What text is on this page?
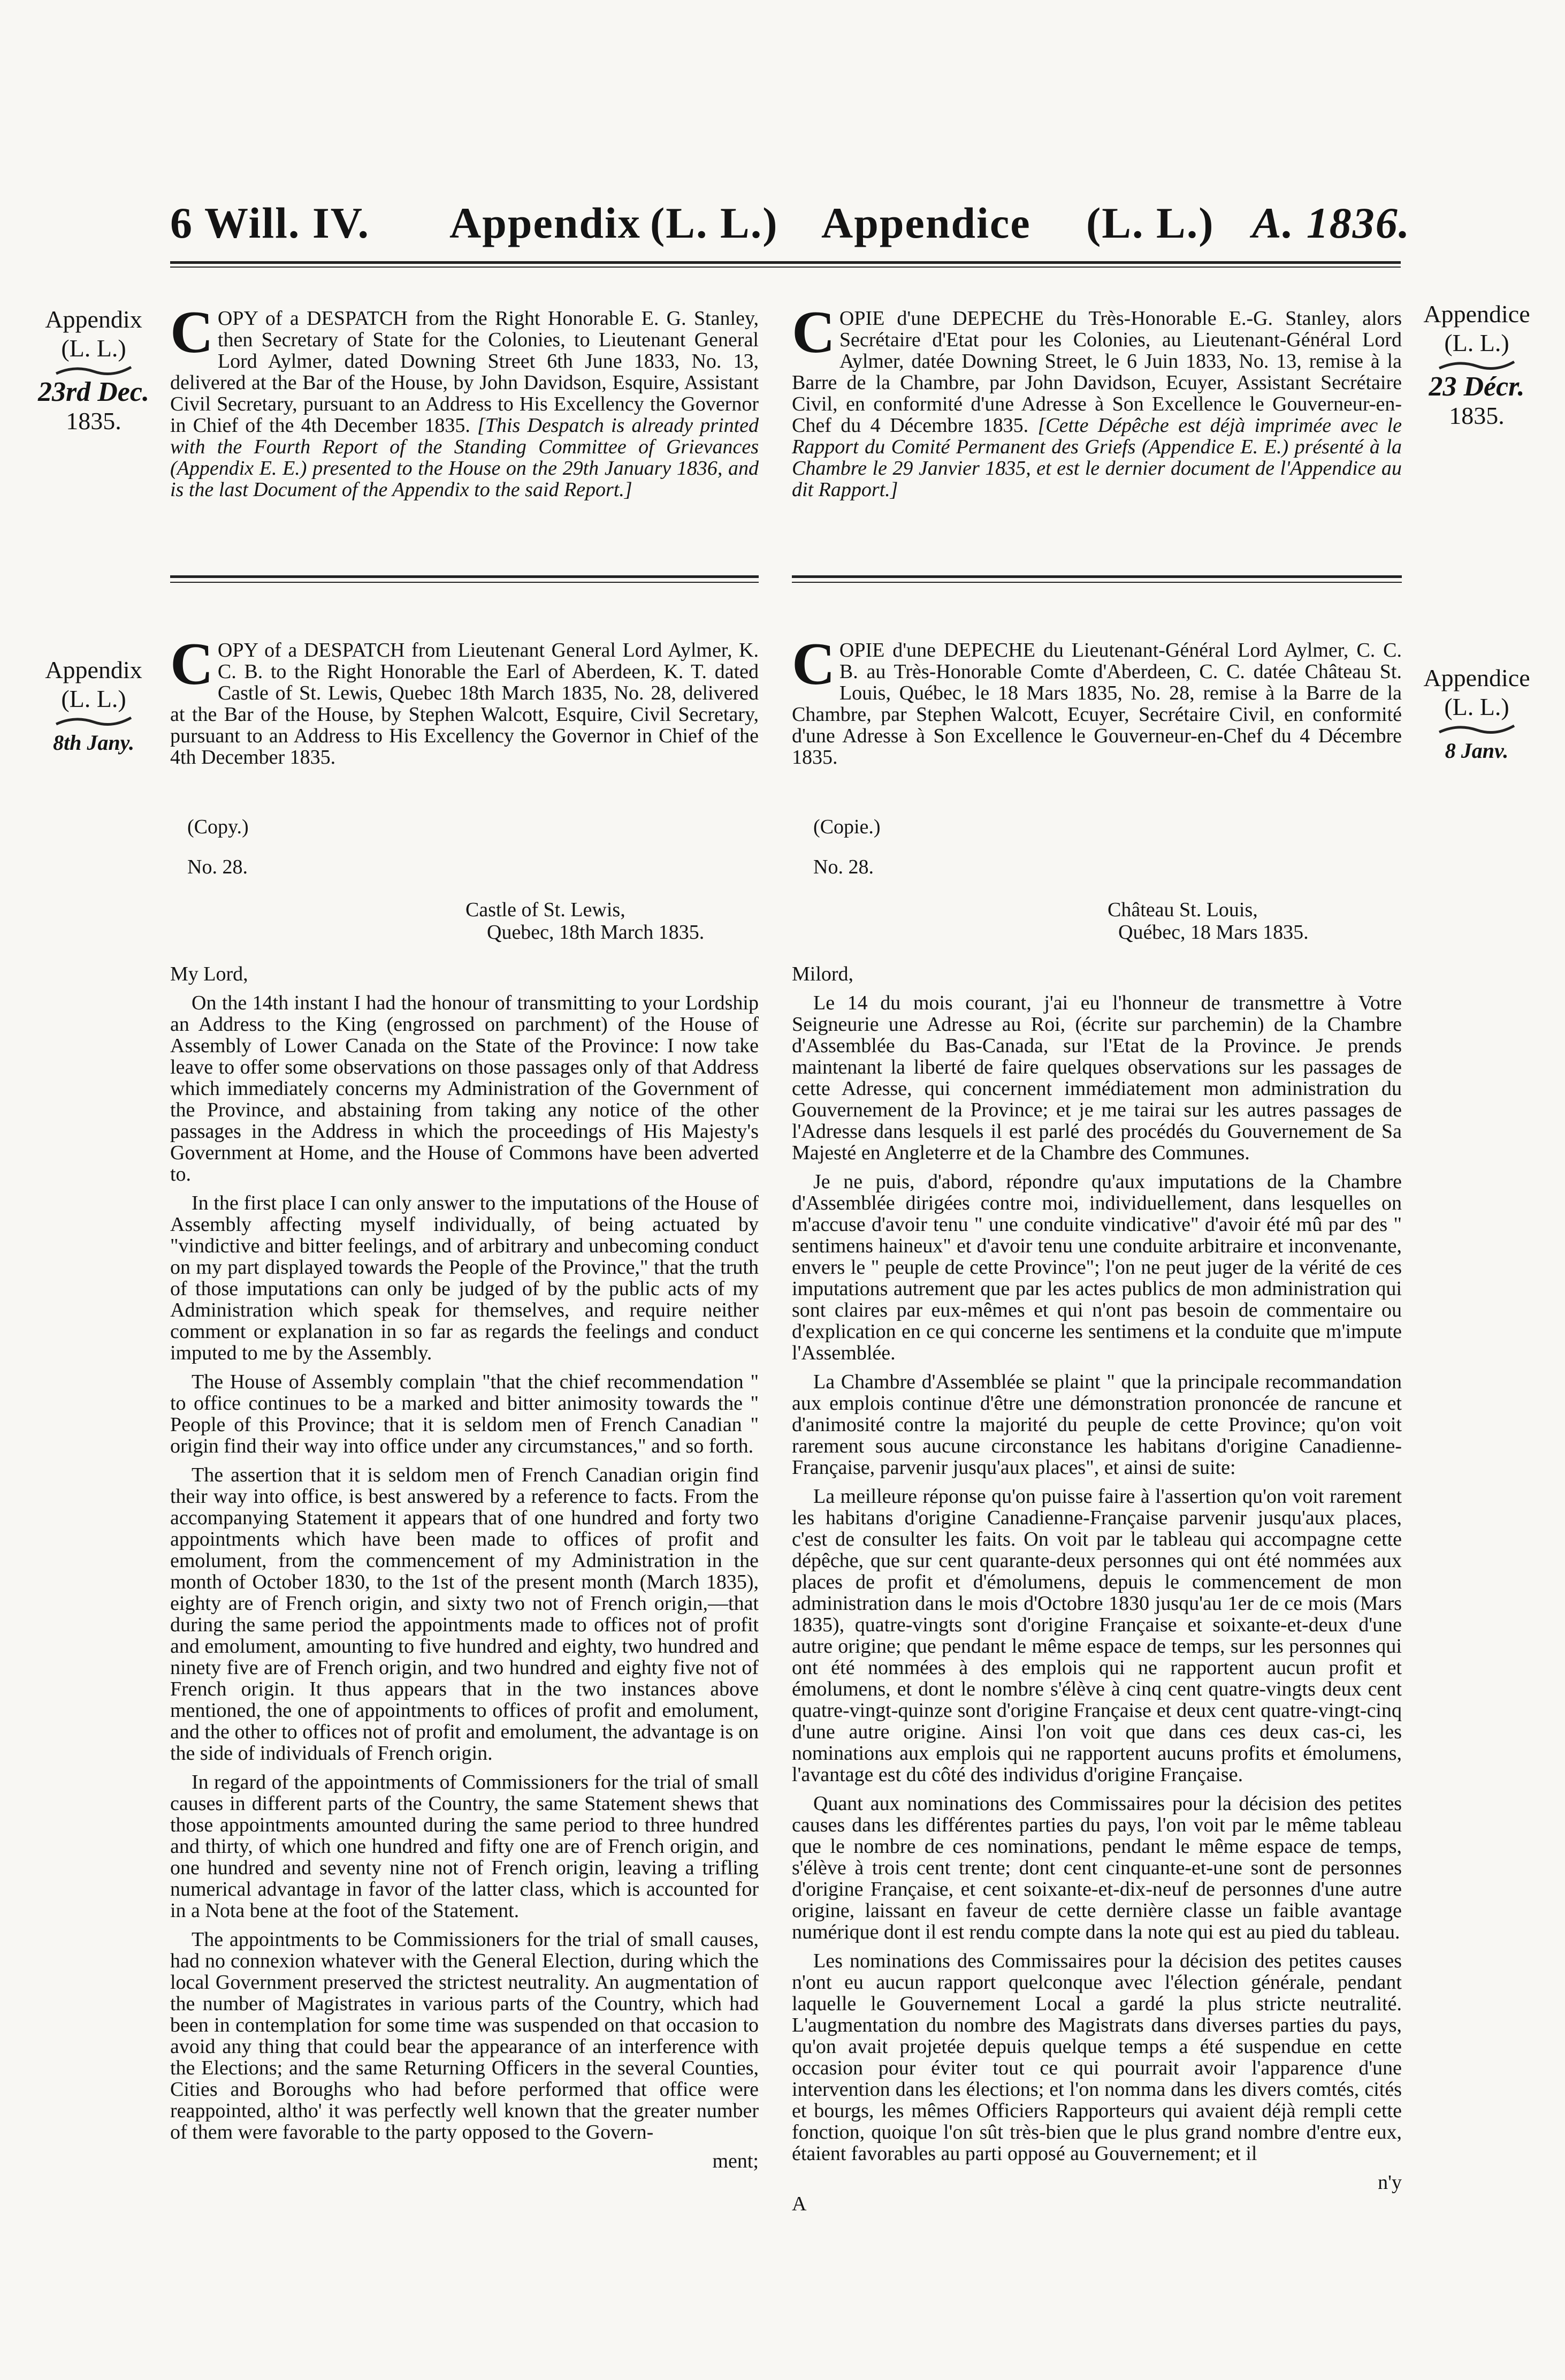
6 Will. IV. Appendix (L. L.) Appendice (L. L.) A. 1836.
Appendix
(L. L.)
23rd Dec.
1835.
Appendice
(L. L.)
23 Décr.
1835.
C OPY of a DESPATCH from the Right Honorable E. G. Stanley, then Secretary of State for the Colonies, to Lieutenant General Lord Aylmer, dated Downing Street 6th June 1833, No. 13, delivered at the Bar of the House, by John Davidson, Esquire, Assistant Civil Secretary, pursuant to an Address to His Excellency the Governor in Chief of the 4th December 1835. [This Despatch is already printed with the Fourth Report of the Standing Committee of Grievances (Appendix E. E.) presented to the House on the 29th January 1836, and is the last Document of the Appendix to the said Report.]
C OPIE d'une DEPECHE du Très-Honorable E.-G. Stanley, alors Secrétaire d'Etat pour les Colonies, au Lieutenant-Général Lord Aylmer, datée Downing Street, le 6 Juin 1833, No. 13, remise à la Barre de la Chambre, par John Davidson, Ecuyer, Assistant Secrétaire Civil, en conformité d'une Adresse à Son Excellence le Gouverneur-en-Chef du 4 Décembre 1835. [Cette Dépêche est déjà imprimée avec le Rapport du Comité Permanent des Griefs (Appendice E. E.) présenté à la Chambre le 29 Janvier 1835, et est le dernier document de l'Appendice au dit Rapport.]
Appendix
(L. L.)
8th Jany.
Appendice
(L. L.)
8 Janv.
C OPY of a DESPATCH from Lieutenant General Lord Aylmer, K. C. B. to the Right Honorable the Earl of Aberdeen, K. T. dated Castle of St. Lewis, Quebec 18th March 1835, No. 28, delivered at the Bar of the House, by Stephen Walcott, Esquire, Civil Secretary, pursuant to an Address to His Excellency the Governor in Chief of the 4th December 1835.
C OPIE d'une DEPECHE du Lieutenant-Général Lord Aylmer, C. C. B. au Très-Honorable Comte d'Aberdeen, C. C. datée Château St. Louis, Québec, le 18 Mars 1835, No. 28, remise à la Barre de la Chambre, par Stephen Walcott, Ecuyer, Secrétaire Civil, en conformité d'une Adresse à Son Excellence le Gouverneur-en-Chef du 4 Décembre 1835.
(Copy.)
No. 28.
(Copie.)
No. 28.
Castle of St. Lewis,
Quebec, 18th March 1835.
Château St. Louis,
Québec, 18 Mars 1835.

My Lord,

On the 14th instant I had the honour of transmitting to your Lordship an Address to the King (engrossed on parchment) of the House of Assembly of Lower Canada on the State of the Province: I now take leave to offer some observations on those passages only of that Address which immediately concerns my Administration of the Government of the Province, and abstaining from taking any notice of the other passages in the Address in which the proceedings of His Majesty's Government at Home, and the House of Commons have been adverted to.

In the first place I can only answer to the imputations of the House of Assembly affecting myself individually, of being actuated by "vindictive and bitter feelings, and of arbitrary and unbecoming conduct on my part displayed towards the People of the Province," that the truth of those imputations can only be judged of by the public acts of my Administration which speak for themselves, and require neither comment or explanation in so far as regards the feelings and conduct imputed to me by the Assembly.

The House of Assembly complain "that the chief recommendation " to office continues to be a marked and bitter animosity towards the " People of this Province; that it is seldom men of French Canadian " origin find their way into office under any circumstances," and so forth.

The assertion that it is seldom men of French Canadian origin find their way into office, is best answered by a reference to facts. From the accompanying Statement it appears that of one hundred and forty two appointments which have been made to offices of profit and emolument, from the commencement of my Administration in the month of October 1830, to the 1st of the present month (March 1835), eighty are of French origin, and sixty two not of French origin,—that during the same period the appointments made to offices not of profit and emolument, amounting to five hundred and eighty, two hundred and ninety five are of French origin, and two hundred and eighty five not of French origin. It thus appears that in the two instances above mentioned, the one of appointments to offices of profit and emolument, and the other to offices not of profit and emolument, the advantage is on the side of individuals of French origin.

In regard of the appointments of Commissioners for the trial of small causes in different parts of the Country, the same Statement shews that those appointments amounted during the same period to three hundred and thirty, of which one hundred and fifty one are of French origin, and one hundred and seventy nine not of French origin, leaving a trifling numerical advantage in favor of the latter class, which is accounted for in a Nota bene at the foot of the Statement.

The appointments to be Commissioners for the trial of small causes, had no connexion whatever with the General Election, during which the local Government preserved the strictest neutrality. An augmentation of the number of Magistrates in various parts of the Country, which had been in contemplation for some time was suspended on that occasion to avoid any thing that could bear the appearance of an interference with the Elections; and the same Returning Officers in the several Counties, Cities and Boroughs who had before performed that office were reappointed, altho' it was perfectly well known that the greater number of them were favorable to the party opposed to the Govern-

ment;

Milord,

Le 14 du mois courant, j'ai eu l'honneur de transmettre à Votre Seigneurie une Adresse au Roi, (écrite sur parchemin) de la Chambre d'Assemblée du Bas-Canada, sur l'Etat de la Province. Je prends maintenant la liberté de faire quelques observations sur les passages de cette Adresse, qui concernent immédiatement mon administration du Gouvernement de la Province; et je me tairai sur les autres passages de l'Adresse dans lesquels il est parlé des procédés du Gouvernement de Sa Majesté en Angleterre et de la Chambre des Communes.

Je ne puis, d'abord, répondre qu'aux imputations de la Chambre d'Assemblée dirigées contre moi, individuellement, dans lesquelles on m'accuse d'avoir tenu " une conduite vindicative" d'avoir été mû par des " sentimens haineux" et d'avoir tenu une conduite arbitraire et inconvenante, envers le " peuple de cette Province"; l'on ne peut juger de la vérité de ces imputations autrement que par les actes publics de mon administration qui sont claires par eux-mêmes et qui n'ont pas besoin de commentaire ou d'explication en ce qui concerne les sentimens et la conduite que m'impute l'Assemblée.

La Chambre d'Assemblée se plaint " que la principale recommandation aux emplois continue d'être une démonstration prononcée de rancune et d'animosité contre la majorité du peuple de cette Province; qu'on voit rarement sous aucune circonstance les habitans d'origine Canadienne-Française, parvenir jusqu'aux places", et ainsi de suite:

La meilleure réponse qu'on puisse faire à l'assertion qu'on voit rarement les habitans d'origine Canadienne-Française parvenir jusqu'aux places, c'est de consulter les faits. On voit par le tableau qui accompagne cette dépêche, que sur cent quarante-deux personnes qui ont été nommées aux places de profit et d'émolumens, depuis le commencement de mon administration dans le mois d'Octobre 1830 jusqu'au 1er de ce mois (Mars 1835), quatre-vingts sont d'origine Française et soixante-et-deux d'une autre origine; que pendant le même espace de temps, sur les personnes qui ont été nommées à des emplois qui ne rapportent aucun profit et émolumens, et dont le nombre s'élève à cinq cent quatre-vingts deux cent quatre-vingt-quinze sont d'origine Française et deux cent quatre-vingt-cinq d'une autre origine. Ainsi l'on voit que dans ces deux cas-ci, les nominations aux emplois qui ne rapportent aucuns profits et émolumens, l'avantage est du côté des individus d'origine Française.

Quant aux nominations des Commissaires pour la décision des petites causes dans les différentes parties du pays, l'on voit par le même tableau que le nombre de ces nominations, pendant le même espace de temps, s'élève à trois cent trente; dont cent cinquante-et-une sont de personnes d'origine Française, et cent soixante-et-dix-neuf de personnes d'une autre origine, laissant en faveur de cette dernière classe un faible avantage numérique dont il est rendu compte dans la note qui est au pied du tableau.

Les nominations des Commissaires pour la décision des petites causes n'ont eu aucun rapport quelconque avec l'élection générale, pendant laquelle le Gouvernement Local a gardé la plus stricte neutralité. L'augmentation du nombre des Magistrats dans diverses parties du pays, qu'on avait projetée depuis quelque temps a été suspendue en cette occasion pour éviter tout ce qui pourrait avoir l'apparence d'une intervention dans les élections; et l'on nomma dans les divers comtés, cités et bourgs, les mêmes Officiers Rapporteurs qui avaient déjà rempli cette fonction, quoique l'on sût très-bien que le plus grand nombre d'entre eux, étaient favorables au parti opposé au Gouvernement; et il

n'y
A
